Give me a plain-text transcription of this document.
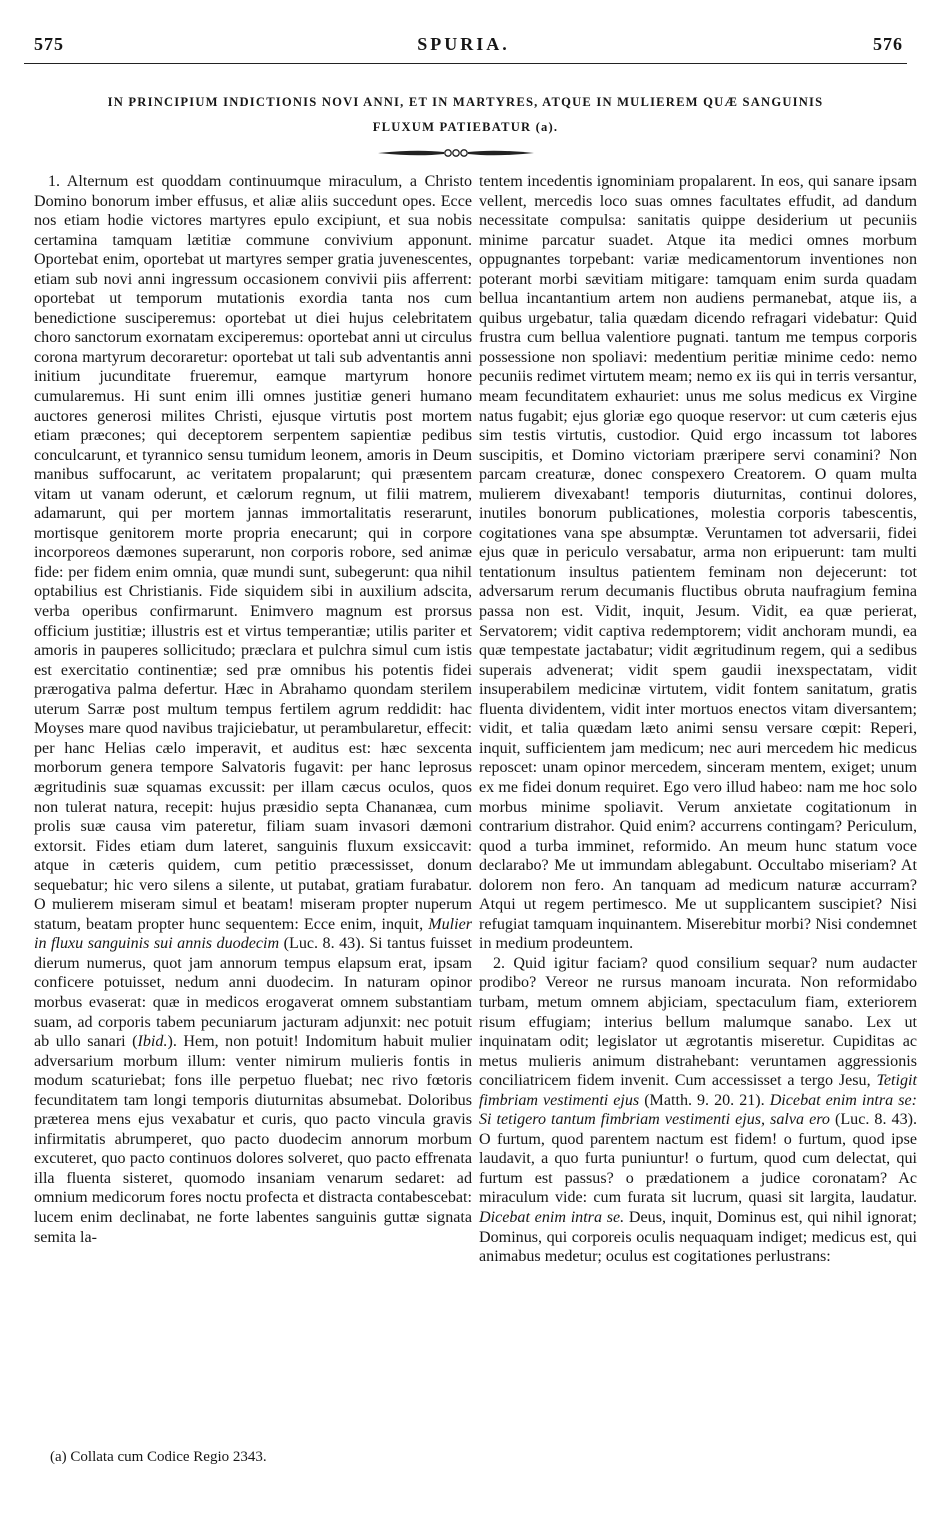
575	SPURIA.	576
IN PRINCIPIUM INDICTIONIS NOVI ANNI, ET IN MARTYRES, ATQUE IN MULIEREM QUÆ SANGUINIS
FLUXUM PATIEBATUR (a).

1. Alternum est quoddam continuumque miraculum, a Christo Domino bonorum imber effusus, et aliæ aliis succedunt opes. Ecce nos etiam hodie victores martyres epulo excipiunt, et sua nobis certamina tamquam lætitiæ commune convivium apponunt. Oportebat enim, oportebat ut martyres semper gratia juvenescentes, etiam sub novi anni ingressum occasionem convivii piis afferrent: oportebat ut temporum mutationis exordia tanta nos cum benedictione susciperemus: oportebat ut diei hujus celebritatem choro sanctorum exornatam exciperemus: oportebat anni ut circulus corona martyrum decoraretur: oportebat ut tali sub adventantis anni initium jucunditate frueremur, eamque martyrum honore cumularemus. Hi sunt enim illi omnes justitiæ generi humano auctores generosi milites Christi, ejusque virtutis post mortem etiam præcones; qui deceptorem serpentem sapientiæ pedibus conculcarunt, et tyrannico sensu tumidum leonem, amoris in Deum manibus suffocarunt, ac veritatem propalarunt; qui præsentem vitam ut vanam oderunt, et cælorum regnum, ut filii matrem, adamarunt, qui per mortem jannas immortalitatis reserarunt, mortisque genitorem morte propria enecarunt; qui in corpore incorporeos dæmones superarunt, non corporis robore, sed animæ fide: per fidem enim omnia, quæ mundi sunt, subegerunt: qua nihil optabilius est Christianis. Fide siquidem sibi in auxilium adscita, verba operibus confirmarunt. Enimvero magnum est prorsus officium justitiæ; illustris est et virtus temperantiæ; utilis pariter et amoris in pauperes sollicitudo; præclara et pulchra simul cum istis est exercitatio continentiæ; sed præ omnibus his potentis fidei prærogativa palma defertur. Hæc in Abrahamo quondam sterilem uterum Sarræ post multum tempus fertilem agrum reddidit: hac Moyses mare quod navibus trajiciebatur, ut perambularetur, effecit: per hanc Helias cælo imperavit, et auditus est: hæc sexcenta morborum genera tempore Salvatoris fugavit: per hanc leprosus ægritudinis suæ squamas excussit: per illam cæcus oculos, quos non tulerat natura, recepit: hujus præsidio septa Chananæa, cum prolis suæ causa vim pateretur, filiam suam invasori dæmoni extorsit. Fides etiam dum lateret, sanguinis fluxum exsiccavit: atque in cæteris quidem, cum petitio præcessisset, donum sequebatur; hic vero silens a silente, ut putabat, gratiam furabatur. O mulierem miseram simul et beatam! miseram propter nuperum statum, beatam propter hunc sequentem: Ecce enim, inquit, Mulier in fluxu sanguinis sui annis duodecim (Luc. 8. 43). Si tantus fuisset dierum numerus, quot jam annorum tempus elapsum erat, ipsam conficere potuisset, nedum anni duodecim. In naturam opinor morbus evaserat: quæ in medicos erogaverat omnem substantiam suam, ad corporis tabem pecuniarum jacturam adjunxit: nec potuit ab ullo sanari (Ibid.). Hem, non potuit! Indomitum habuit mulier adversarium morbum illum: venter nimirum mulieris fontis in modum scaturiebat; fons ille perpetuo fluebat; nec rivo fœtoris fecunditatem tam longi temporis diuturnitas absumebat. Doloribus præterea mens ejus vexabatur et curis, quo pacto vincula gravis infirmitatis abrumperet, quo pacto duodecim annorum morbum excuteret, quo pacto continuos dolores solveret, quo pacto effrenata illa fluenta sisteret, quomodo insaniam venarum sedaret: ad omnium medicorum fores noctu profecta et distracta contabescebat: lucem enim declinabat, ne forte labentes sanguinis guttæ signata semita la-

tentem incedentis ignominiam propalarent. In eos, qui sanare ipsam vellent, mercedis loco suas omnes facultates effudit, ad dandum necessitate compulsa: sanitatis quippe desiderium ut pecuniis minime parcatur suadet. Atque ita medici omnes morbum oppugnantes torpebant: variæ medicamentorum inventiones non poterant morbi sævitiam mitigare: tamquam enim surda quadam bellua incantantium artem non audiens permanebat, atque iis, a quibus urgebatur, talia quædam dicendo refragari videbatur: Quid frustra cum bellua valentiore pugnati. tantum me tempus corporis possessione non spoliavi: medentium peritiæ minime cedo: nemo pecuniis redimet virtutem meam; nemo ex iis qui in terris versantur, meam fecunditatem exhauriet: unus me solus medicus ex Virgine natus fugabit; ejus gloriæ ego quoque reservor: ut cum cæteris ejus sim testis virtutis, custodior. Quid ergo incassum tot labores suscipitis, et Domino victoriam præripere servi conamini? Non parcam creaturæ, donec conspexero Creatorem. O quam multa mulierem divexabant! temporis diuturnitas, continui dolores, inutiles bonorum publicationes, molestia corporis tabescentis, cogitationes vana spe absumptæ. Veruntamen tot adversarii, fidei ejus quæ in periculo versabatur, arma non eripuerunt: tam multi tentationum insultus patientem feminam non dejecerunt: tot adversarum rerum decumanis fluctibus obruta naufragium femina passa non est. Vidit, inquit, Jesum. Vidit, ea quæ perierat, Servatorem; vidit captiva redemptorem; vidit anchoram mundi, ea quæ tempestate jactabatur; vidit ægritudinum regem, qui a sedibus superais advenerat; vidit spem gaudii inexspectatam, vidit insuperabilem medicinæ virtutem, vidit fontem sanitatum, gratis fluenta dividentem, vidit inter mortuos enectos vitam diversantem; vidit, et talia quædam læto animi sensu versare cœpit: Reperi, inquit, sufficientem jam medicum; nec auri mercedem hic medicus reposcet: unam opinor mercedem, sinceram mentem, exiget; unum ex me fidei donum requiret. Ego vero illud habeo: nam me hoc solo morbus minime spoliavit. Verum anxietate cogitationum in contrarium distrahor. Quid enim? accurrens contingam? Periculum, quod a turba imminet, reformido. An meum hunc statum voce declarabo? Me ut immundam ablegabunt. Occultabo miseriam? At dolorem non fero. An tanquam ad medicum naturæ accurram? Atqui ut regem pertimesco. Me ut supplicantem suscipiet? Nisi refugiat tamquam inquinantem. Miserebitur morbi? Nisi condemnet in medium prodeuntem.

2. Quid igitur faciam? quod consilium sequar? num audacter prodibo? Vereor ne rursus manoam incurata. Non reformidabo turbam, metum omnem abjiciam, spectaculum fiam, exteriorem risum effugiam; interius bellum malumque sanabo. Lex ut inquinatam odit; legislator ut ægrotantis miseretur. Cupiditas ac metus mulieris animum distrahebant: veruntamen aggressionis conciliatricem fidem invenit. Cum accessisset a tergo Jesu, Tetigit fimbriam vestimenti ejus (Matth. 9. 20. 21). Dicebat enim intra se: Si tetigero tantum fimbriam vestimenti ejus, salva ero (Luc. 8. 43). O furtum, quod parentem nactum est fidem! o furtum, quod ipse laudavit, a quo furta puniuntur! o furtum, quod cum delectat, qui furtum est passus? o prædationem a judice coronatam? Ac miraculum vide: cum furata sit lucrum, quasi sit largita, laudatur. Dicebat enim intra se. Deus, inquit, Dominus est, qui nihil ignorat; Dominus, qui corporeis oculis nequaquam indiget; medicus est, qui animabus medetur; oculus est cogitationes perlustrans:

(a) Collata cum Codice Regio 2343.
